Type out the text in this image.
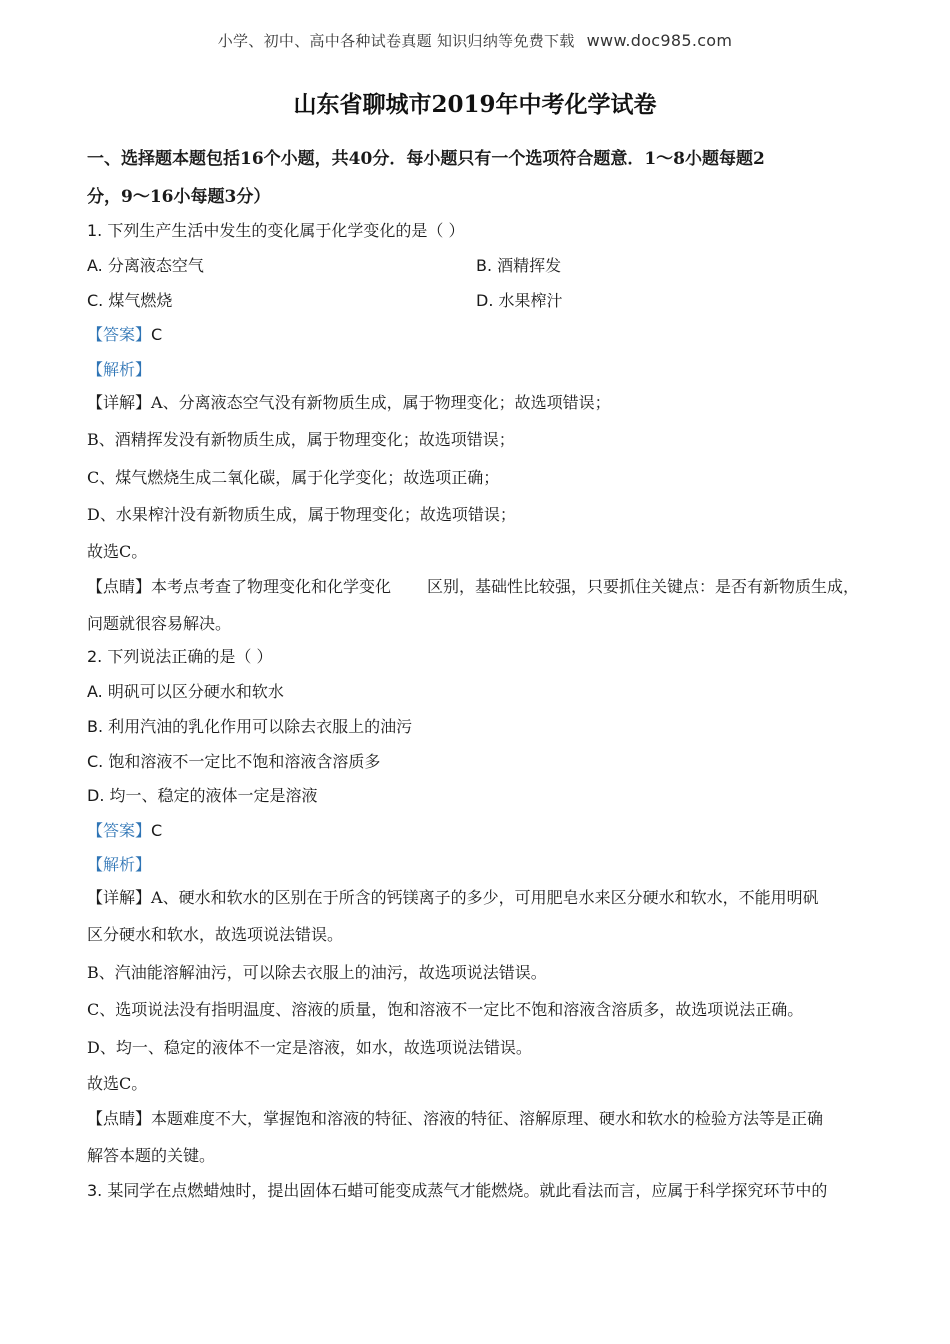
小学、初中、高中各种试卷真题 知识归纳等免费下载 www.doc985.com
山东省聊城市2019年中考化学试卷
一、选择题本题包括16个小题，共40分．每小题只有一个选项符合题意．1～8小题每题2
分，9～16小每题3分）
1. 下列生产生活中发生的变化属于化学变化的是（ ）
A. 分离液态空气	B. 酒精挥发
C. 煤气燃烧	D. 水果榨汁
【答案】C
【解析】
【详解】A、分离液态空气没有新物质生成，属于物理变化；故选项错误；
B、酒精挥发没有新物质生成，属于物理变化；故选项错误；
C、煤气燃烧生成二氧化碳，属于化学变化；故选项正确；
D、水果榨汁没有新物质生成，属于物理变化；故选项错误；
故选C。
【点睛】本考点考查了物理变化和化学变化 区别，基础性比较强，只要抓住关键点：是否有新物质生成，
问题就很容易解决。
2. 下列说法正确的是（ ）
A. 明矾可以区分硬水和软水
B. 利用汽油的乳化作用可以除去衣服上的油污
C. 饱和溶液不一定比不饱和溶液含溶质多
D. 均一、稳定的液体一定是溶液
【答案】C
【解析】
【详解】A、硬水和软水的区别在于所含的钙镁离子的多少，可用肥皂水来区分硬水和软水，不能用明矾
区分硬水和软水，故选项说法错误。
B、汽油能溶解油污，可以除去衣服上的油污，故选项说法错误。
C、选项说法没有指明温度、溶液的质量，饱和溶液不一定比不饱和溶液含溶质多，故选项说法正确。
D、均一、稳定的液体不一定是溶液，如水，故选项说法错误。
故选C。
【点睛】本题难度不大，掌握饱和溶液的特征、溶液的特征、溶解原理、硬水和软水的检验方法等是正确
解答本题的关键。
3. 某同学在点燃蜡烛时，提出固体石蜡可能变成蒸气才能燃烧。就此看法而言，应属于科学探究环节中的
